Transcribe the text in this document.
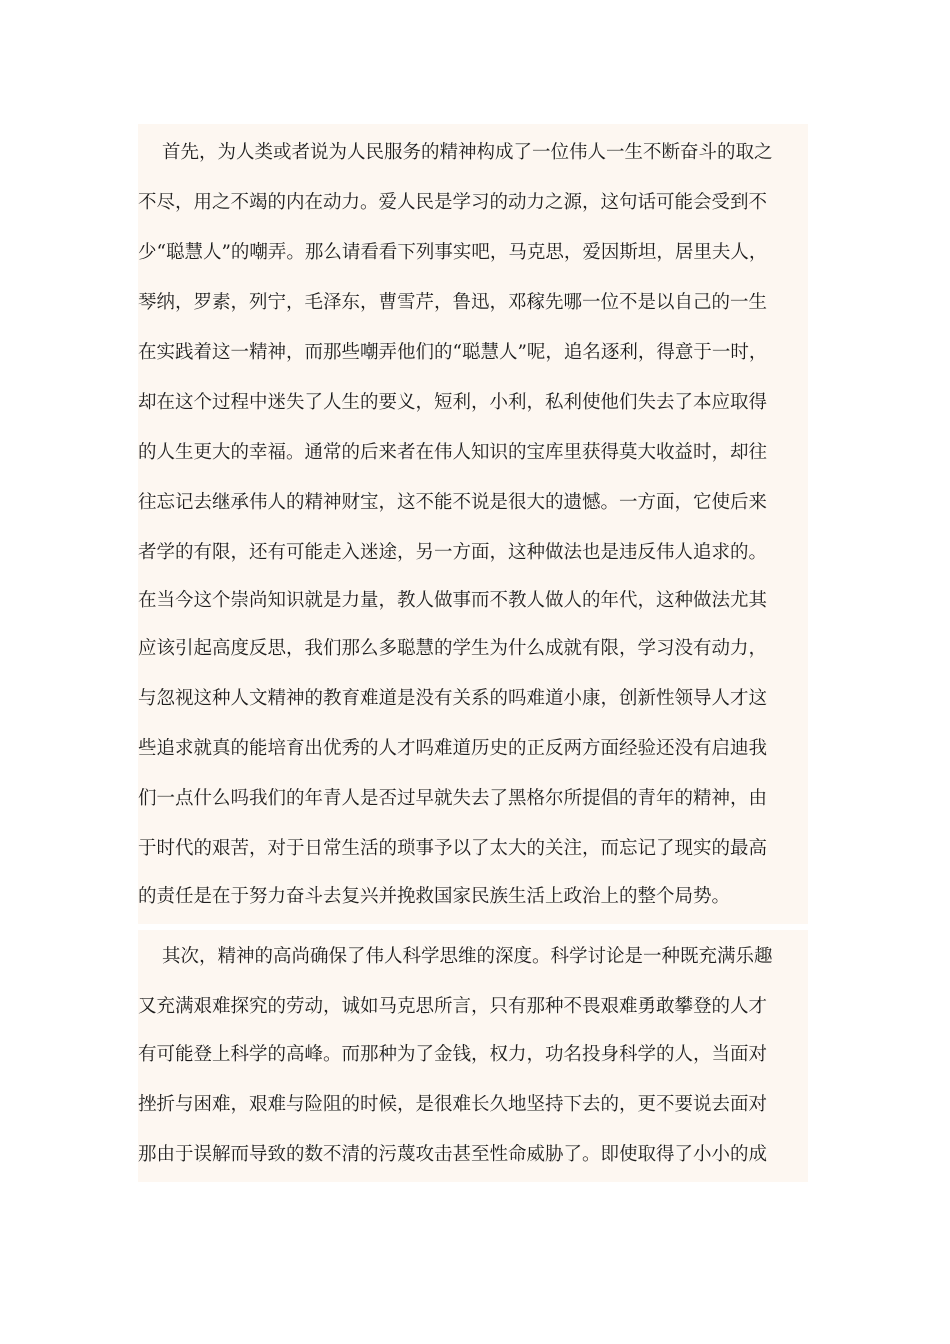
首先，为人类或者说为人民服务的精神构成了一位伟人一生不断奋斗的取之
不尽，用之不竭的内在动力。爱人民是学习的动力之源，这句话可能会受到不
少“聪慧人”的嘲弄。那么请看看下列事实吧，马克思，爱因斯坦，居里夫人，
琴纳，罗素，列宁，毛泽东，曹雪芹，鲁迅，邓稼先哪一位不是以自己的一生
在实践着这一精神，而那些嘲弄他们的“聪慧人”呢，追名逐利，得意于一时，
却在这个过程中迷失了人生的要义，短利，小利，私利使他们失去了本应取得
的人生更大的幸福。通常的后来者在伟人知识的宝库里获得莫大收益时，却往
往忘记去继承伟人的精神财宝，这不能不说是很大的遗憾。一方面，它使后来
者学的有限，还有可能走入迷途，另一方面，这种做法也是违反伟人追求的。
在当今这个崇尚知识就是力量，教人做事而不教人做人的年代，这种做法尤其
应该引起高度反思，我们那么多聪慧的学生为什么成就有限，学习没有动力，
与忽视这种人文精神的教育难道是没有关系的吗难道小康，创新性领导人才这
些追求就真的能培育出优秀的人才吗难道历史的正反两方面经验还没有启迪我
们一点什么吗我们的年青人是否过早就失去了黑格尔所提倡的青年的精神，由
于时代的艰苦，对于日常生活的琐事予以了太大的关注，而忘记了现实的最高
的责任是在于努力奋斗去复兴并挽救国家民族生活上政治上的整个局势。
其次，精神的高尚确保了伟人科学思维的深度。科学讨论是一种既充满乐趣
又充满艰难探究的劳动，诚如马克思所言，只有那种不畏艰难勇敢攀登的人才
有可能登上科学的高峰。而那种为了金钱，权力，功名投身科学的人，当面对
挫折与困难，艰难与险阻的时候，是很难长久地坚持下去的，更不要说去面对
那由于误解而导致的数不清的污蔑攻击甚至性命威胁了。即使取得了小小的成
